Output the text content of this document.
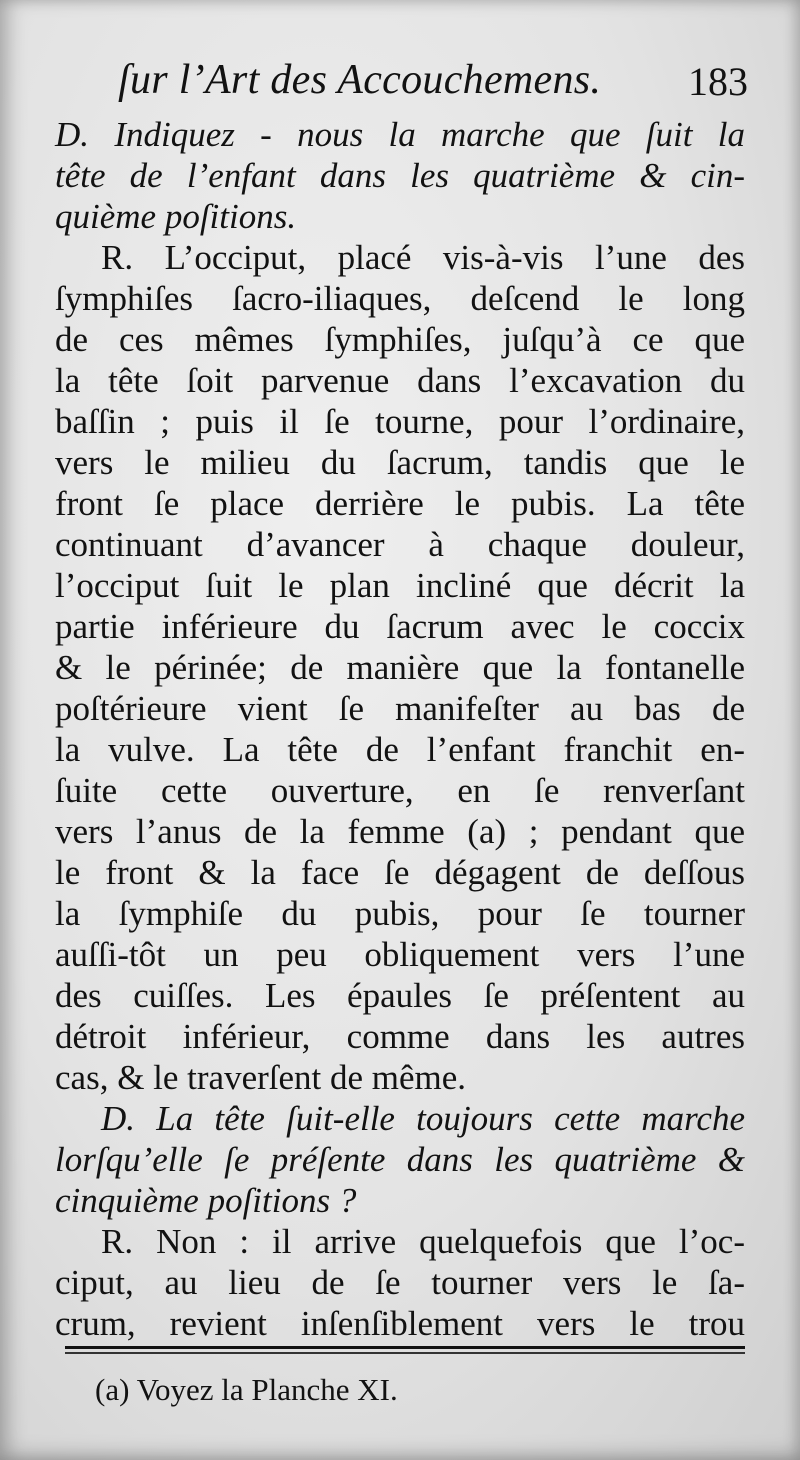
ſur l’Art des Accouchemens. 183
D. Indiquez - nous la marche que ſuit la
tête de l’enfant dans les quatrième & cin-
quième poſitions.
R. L’occiput, placé vis-à-vis l’une des
ſymphiſes ſacro-iliaques, deſcend le long
de ces mêmes ſymphiſes, juſqu’à ce que
la tête ſoit parvenue dans l’excavation du
baſſin ; puis il ſe tourne, pour l’ordinaire,
vers le milieu du ſacrum, tandis que le
front ſe place derrière le pubis. La tête
continuant d’avancer à chaque douleur,
l’occiput ſuit le plan incliné que décrit la
partie inférieure du ſacrum avec le coccix
& le périnée; de manière que la fontanelle
poſtérieure vient ſe manifeſter au bas de
la vulve. La tête de l’enfant franchit en-
ſuite cette ouverture, en ſe renverſant
vers l’anus de la femme (a) ; pendant que
le front & la face ſe dégagent de deſſous
la ſymphiſe du pubis, pour ſe tourner
auſſi-tôt un peu obliquement vers l’une
des cuiſſes. Les épaules ſe préſentent au
détroit inférieur, comme dans les autres
cas, & le traverſent de même.
D. La tête ſuit-elle toujours cette marche
lorſqu’elle ſe préſente dans les quatrième &
cinquième poſitions ?
R. Non : il arrive quelquefois que l’oc-
ciput, au lieu de ſe tourner vers le ſa-
crum, revient inſenſiblement vers le trou
(a) Voyez la Planche XI.
